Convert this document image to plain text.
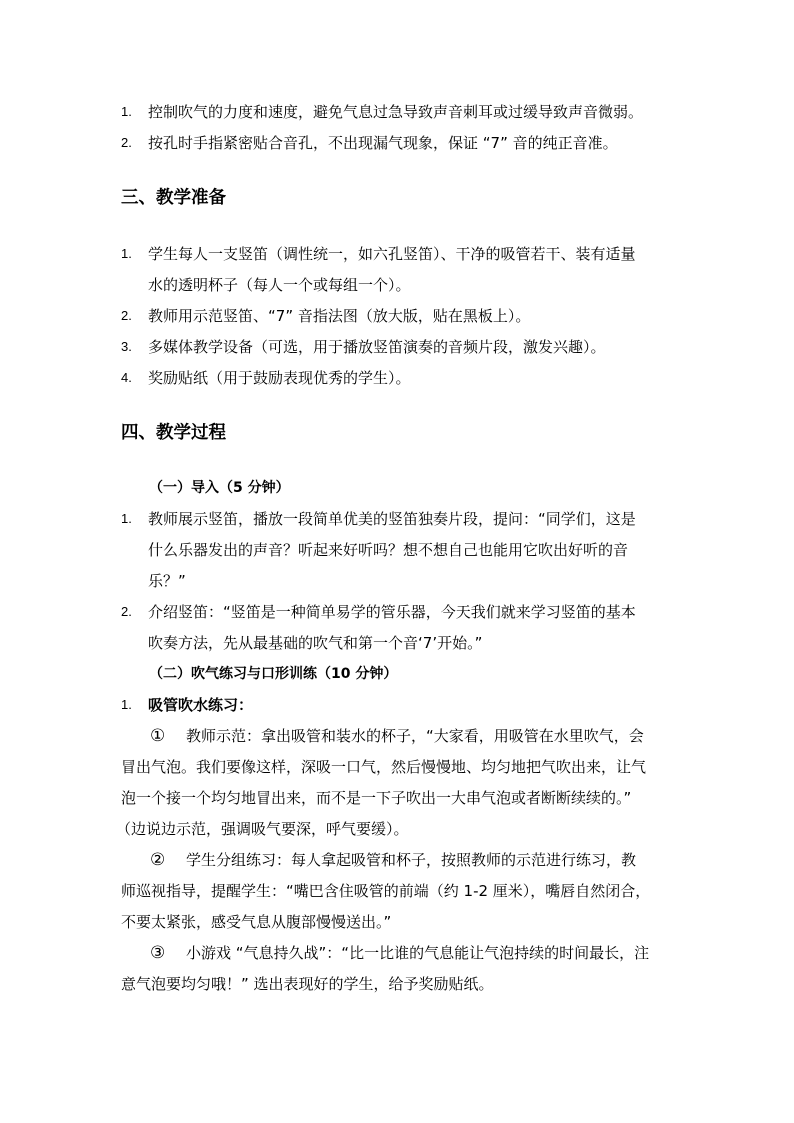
1. 控制吹气的力度和速度，避免气息过急导致声音刺耳或过缓导致声音微弱。
2. 按孔时手指紧密贴合音孔，不出现漏气现象，保证 “7” 音的纯正音准。
三、教学准备
1. 学生每人一支竖笛（调性统一，如六孔竖笛）、干净的吸管若干、装有适量
水的透明杯子（每人一个或每组一个）。
2. 教师用示范竖笛、“7” 音指法图（放大版，贴在黑板上）。
3. 多媒体教学设备（可选，用于播放竖笛演奏的音频片段，激发兴趣）。
4. 奖励贴纸（用于鼓励表现优秀的学生）。
四、教学过程
（一）导入（5 分钟）
1. 教师展示竖笛，播放一段简单优美的竖笛独奏片段，提问：“同学们，这是
什么乐器发出的声音？听起来好听吗？想不想自己也能用它吹出好听的音
乐？”
2. 介绍竖笛：“竖笛是一种简单易学的管乐器，今天我们就来学习竖笛的基本
吹奏方法，先从最基础的吹气和第一个音‘7’开始。”
（二）吹气练习与口形训练（10 分钟）
1. 吸管吹水练习：
①	教师示范：拿出吸管和装水的杯子，“大家看，用吸管在水里吹气，会
冒出气泡。我们要像这样，深吸一口气，然后慢慢地、均匀地把气吹出来，让气
泡一个接一个均匀地冒出来，而不是一下子吹出一大串气泡或者断断续续的。”
（边说边示范，强调吸气要深，呼气要缓）。
②	学生分组练习：每人拿起吸管和杯子，按照教师的示范进行练习，教
师巡视指导，提醒学生：“嘴巴含住吸管的前端（约 1-2 厘米），嘴唇自然闭合，
不要太紧张，感受气息从腹部慢慢送出。”
③	小游戏 “气息持久战”：“比一比谁的气息能让气泡持续的时间最长，注
意气泡要均匀哦！” 选出表现好的学生，给予奖励贴纸。
